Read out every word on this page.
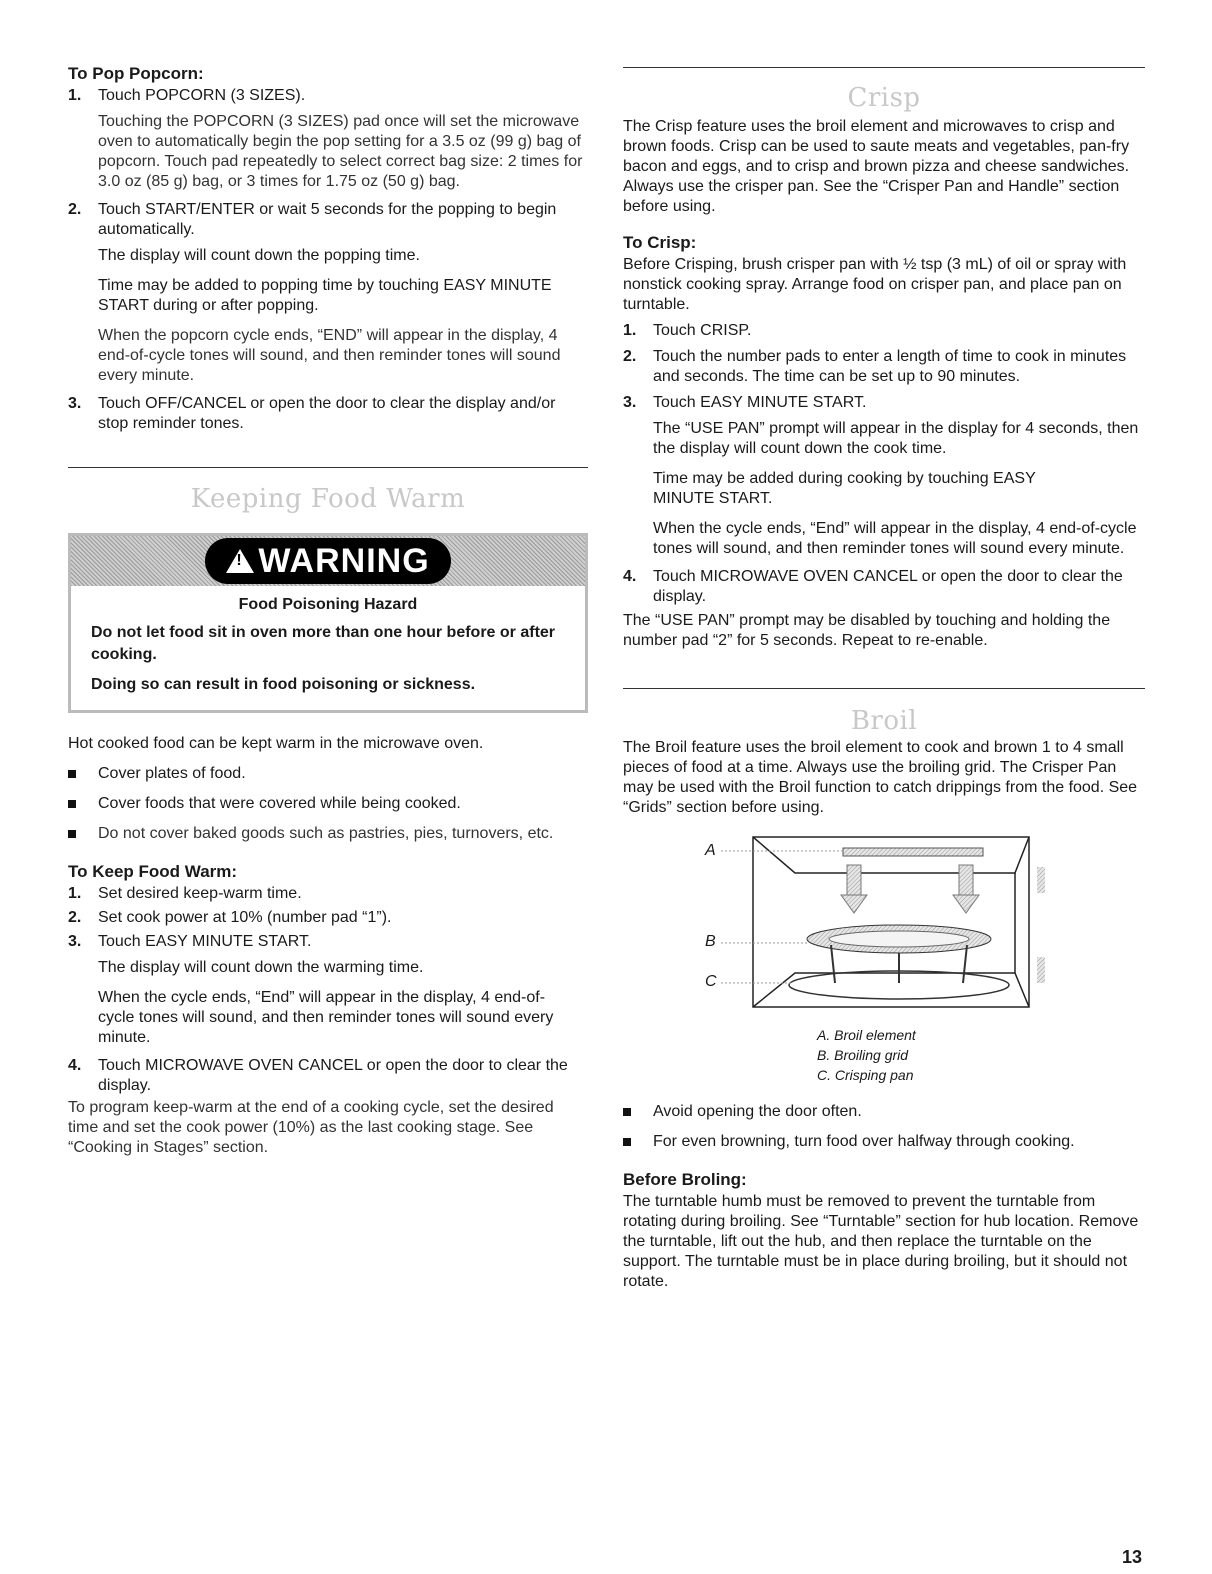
To Pop Popcorn:
1.	Touch POPCORN (3 SIZES).
Touching the POPCORN (3 SIZES) pad once will set the microwave oven to automatically begin the pop setting for a 3.5 oz (99 g) bag of popcorn. Touch pad repeatedly to select correct bag size: 2 times for 3.0 oz (85 g) bag, or 3 times for 1.75 oz (50 g) bag.
2.	Touch START/ENTER or wait 5 seconds for the popping to begin automatically.
The display will count down the popping time.
Time may be added to popping time by touching EASY MINUTE START during or after popping.
When the popcorn cycle ends, “END” will appear in the display, 4 end-of-cycle tones will sound, and then reminder tones will sound every minute.
3.	Touch OFF/CANCEL or open the door to clear the display and/or stop reminder tones.
Keeping Food Warm
!
WARNING
Food Poisoning Hazard
Do not let food sit in oven more than one hour before or after cooking.
Doing so can result in food poisoning or sickness.

Hot cooked food can be kept warm in the microwave oven.

Cover plates of food.
Cover foods that were covered while being cooked.
Do not cover baked goods such as pastries, pies, turnovers, etc.
To Keep Food Warm:
1.	Set desired keep-warm time.
2.	Set cook power at 10% (number pad “1”).
3.	Touch EASY MINUTE START.
The display will count down the warming time.
When the cycle ends, “End” will appear in the display, 4 end-of-cycle tones will sound, and then reminder tones will sound every minute.
4.	Touch MICROWAVE OVEN CANCEL or open the door to clear the display.

To program keep-warm at the end of a cooking cycle, set the desired time and set the cook power (10%) as the last cooking stage. See “Cooking in Stages” section.

Crisp

The Crisp feature uses the broil element and microwaves to crisp and brown foods. Crisp can be used to saute meats and vegetables, pan-fry bacon and eggs, and to crisp and brown pizza and cheese sandwiches. Always use the crisper pan. See the “Crisper Pan and Handle” section before using.

To Crisp:

Before Crisping, brush crisper pan with ½ tsp (3 mL) of oil or spray with nonstick cooking spray. Arrange food on crisper pan, and place pan on turntable.

1.	Touch CRISP.
2.	Touch the number pads to enter a length of time to cook in minutes and seconds. The time can be set up to 90 minutes.
3.	Touch EASY MINUTE START.
The “USE PAN” prompt will appear in the display for 4 seconds, then the display will count down the cook time.
Time may be added during cooking by touching EASY MINUTE START.
When the cycle ends, “End” will appear in the display, 4 end-of-cycle tones will sound, and then reminder tones will sound every minute.
4.	Touch MICROWAVE OVEN CANCEL or open the door to clear the display.

The “USE PAN” prompt may be disabled by touching and holding the number pad “2” for 5 seconds. Repeat to re-enable.

Broil

The Broil feature uses the broil element to cook and brown 1 to 4 small pieces of food at a time. Always use the broiling grid. The Crisper Pan may be used with the Broil function to catch drippings from the food. See “Grids” section before using.

A
B
C
A. Broil element
B. Broiling grid
C. Crisping pan
Avoid opening the door often.
For even browning, turn food over halfway through cooking.
Before Broling:

The turntable humb must be removed to prevent the turntable from rotating during broiling. See “Turntable” section for hub location. Remove the turntable, lift out the hub, and then replace the turntable on the support. The turntable must be in place during broiling, but it should not rotate.

13
